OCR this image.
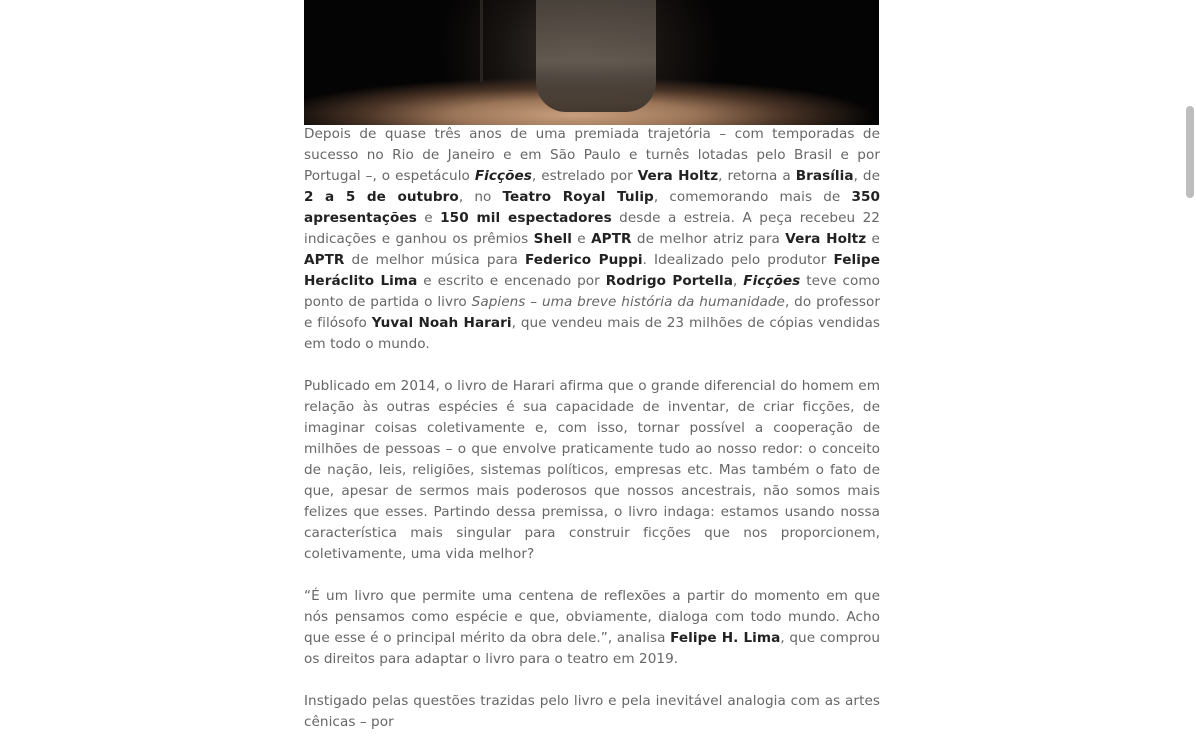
Depois de quase três anos de uma premiada trajetória – com temporadas de sucesso no Rio de Janeiro e em São Paulo e turnês lotadas pelo Brasil e por Portugal –, o espetáculo Ficções, estrelado por Vera Holtz, retorna a Brasília, de 2 a 5 de outubro, no Teatro Royal Tulip, comemorando mais de 350 apresentações e 150 mil espectadores desde a estreia. A peça recebeu 22 indicações e ganhou os prêmios Shell e APTR de melhor atriz para Vera Holtz e APTR de melhor música para Federico Puppi. Idealizado pelo produtor Felipe Heráclito Lima e escrito e encenado por Rodrigo Portella, Ficções teve como ponto de partida o livro Sapiens – uma breve história da humanidade, do professor e filósofo Yuval Noah Harari, que vendeu mais de 23 milhões de cópias vendidas em todo o mundo.

Publicado em 2014, o livro de Harari afirma que o grande diferencial do homem em relação às outras espécies é sua capacidade de inventar, de criar ficções, de imaginar coisas coletivamente e, com isso, tornar possível a cooperação de milhões de pessoas – o que envolve praticamente tudo ao nosso redor: o conceito de nação, leis, religiões, sistemas políticos, empresas etc. Mas também o fato de que, apesar de sermos mais poderosos que nossos ancestrais, não somos mais felizes que esses. Partindo dessa premissa, o livro indaga: estamos usando nossa característica mais singular para construir ficções que nos proporcionem, coletivamente, uma vida melhor?

“É um livro que permite uma centena de reflexões a partir do momento em que nós pensamos como espécie e que, obviamente, dialoga com todo mundo. Acho que esse é o principal mérito da obra dele.”, analisa Felipe H. Lima, que comprou os direitos para adaptar o livro para o teatro em 2019.

Instigado pelas questões trazidas pelo livro e pela inevitável analogia com as artes cênicas – por
